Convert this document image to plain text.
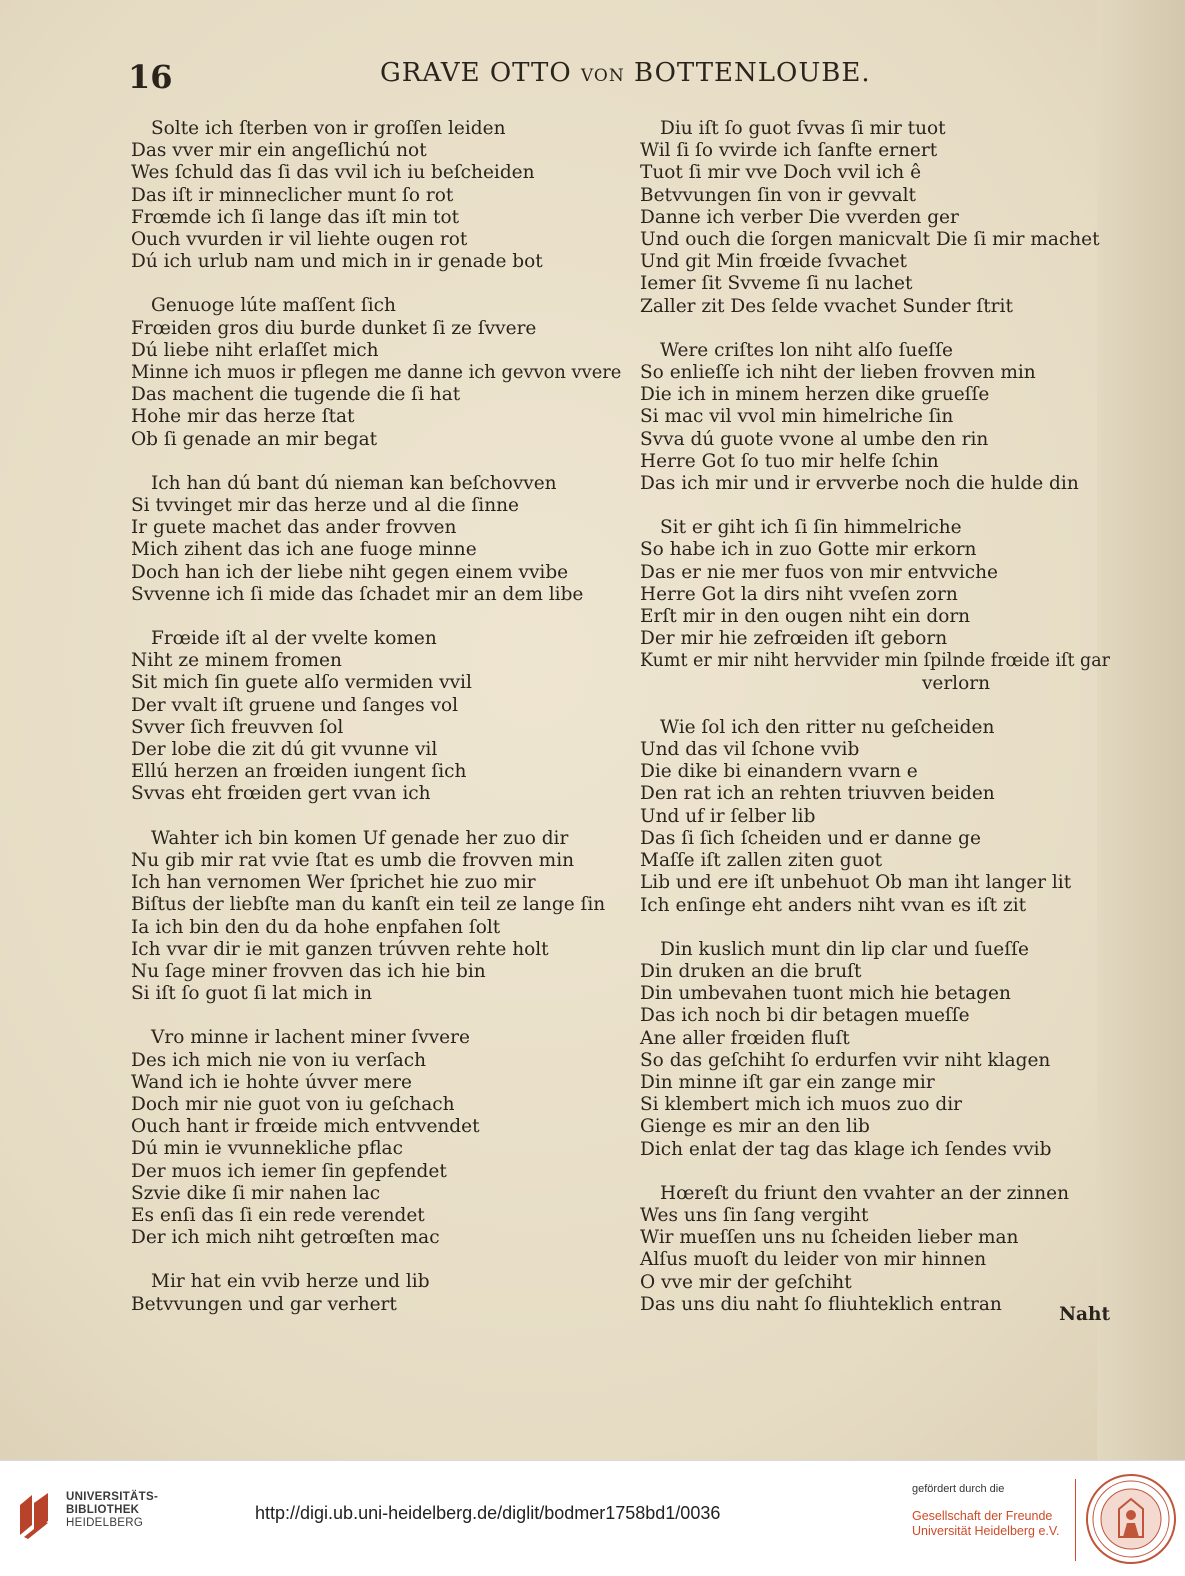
16	GRAVE OTTO VON BOTTENLOUBE.
Solte ich ſterben von ir groſſen leiden
Das vver mir ein angeſlichú not
Wes ſchuld das ſi das vvil ich iu beſcheiden
Das iſt ir minneclicher munt ſo rot
Frœmde ich ſi lange das iſt min tot
Ouch vvurden ir vil liehte ougen rot
Dú ich urlub nam und mich in ir genade bot
Genuoge lúte maſſent ſich
Frœiden gros diu burde dunket ſi ze ſvvere
Dú liebe niht erlaſſet mich
Minne ich muos ir pflegen me danne ich gevvon vvere
Das machent die tugende die ſi hat
Hohe mir das herze ſtat
Ob ſi genade an mir begat
Ich han dú bant dú nieman kan beſchovven
Si tvvinget mir das herze und al die ſinne
Ir guete machet das ander frovven
Mich zihent das ich ane fuoge minne
Doch han ich der liebe niht gegen einem vvibe
Svvenne ich ſi mide das ſchadet mir an dem libe
Frœide iſt al der vvelte komen
Niht ze minem fromen
Sit mich ſin guete alſo vermiden vvil
Der vvalt iſt gruene und ſanges vol
Svver ſich freuvven ſol
Der lobe die zit dú git vvunne vil
Ellú herzen an frœiden iungent ſich
Svvas eht frœiden gert vvan ich
Wahter ich bin komen Uf genade her zuo dir
Nu gib mir rat vvie ſtat es umb die frovven min
Ich han vernomen Wer ſprichet hie zuo mir
Biſtus der liebſte man du kanſt ein teil ze lange ſin
Ia ich bin den du da hohe enpfahen ſolt
Ich vvar dir ie mit ganzen trúvven rehte holt
Nu ſage miner frovven das ich hie bin
Si iſt ſo guot ſi lat mich in
Vro minne ir lachent miner ſvvere
Des ich mich nie von iu verſach
Wand ich ie hohte úvver mere
Doch mir nie guot von iu geſchach
Ouch hant ir frœide mich entvvendet
Dú min ie vvunnekliche pflac
Der muos ich iemer ſin gepfendet
Szvie dike ſi mir nahen lac
Es enſi das ſi ein rede verendet
Der ich mich niht getrœſten mac
Mir hat ein vvib herze und lib
Betvvungen und gar verhert
Diu iſt ſo guot ſvvas ſi mir tuot
Wil ſi ſo vvirde ich ſanfte ernert
Tuot ſi mir vve Doch vvil ich ê
Betvvungen ſin von ir gevvalt
Danne ich verber Die vverden ger
Und ouch die ſorgen manicvalt Die ſi mir machet
Und git Min frœide ſvvachet
Iemer ſit Svveme ſi nu lachet
Zaller zit Des ſelde vvachet Sunder ſtrit
Were criſtes lon niht alſo ſueſſe
So enlieſſe ich niht der lieben frovven min
Die ich in minem herzen dike grueſſe
Si mac vil vvol min himelriche ſin
Svva dú guote vvone al umbe den rin
Herre Got ſo tuo mir helfe ſchin
Das ich mir und ir ervverbe noch die hulde din
Sit er giht ich ſi ſin himmelriche
So habe ich in zuo Gotte mir erkorn
Das er nie mer fuos von mir entvviche
Herre Got la dirs niht vveſen zorn
Erſt mir in den ougen niht ein dorn
Der mir hie zefrœiden iſt geborn
Kumt er mir niht hervvider min ſpilnde frœide iſt gar
verlorn
Wie ſol ich den ritter nu geſcheiden
Und das vil ſchone vvib
Die dike bi einandern vvarn e
Den rat ich an rehten triuvven beiden
Und uf ir ſelber lib
Das ſi ſich ſcheiden und er danne ge
Maſſe iſt zallen ziten guot
Lib und ere iſt unbehuot Ob man iht langer lit
Ich enſinge eht anders niht vvan es iſt zit
Din kuslich munt din lip clar und ſueſſe
Din druken an die bruſt
Din umbevahen tuont mich hie betagen
Das ich noch bi dir betagen mueſſe
Ane aller frœiden fluſt
So das geſchiht ſo erdurfen vvir niht klagen
Din minne iſt gar ein zange mir
Si klembert mich ich muos zuo dir
Gienge es mir an den lib
Dich enlat der tag das klage ich ſendes vvib
Hœreſt du friunt den vvahter an der zinnen
Wes uns ſin ſang vergiht
Wir mueſſen uns nu ſcheiden lieber man
Alſus muoſt du leider von mir hinnen
O vve mir der geſchiht
Das uns diu naht ſo fliuhteklich entran	Naht
UNIVERSITÄTS-
BIBLIOTHEK
HEIDELBERG	http://digi.ub.uni-heidelberg.de/diglit/bodmer1758bd1/0036
gefördert durch die
Gesellschaft der Freunde
Universität Heidelberg e.V.
